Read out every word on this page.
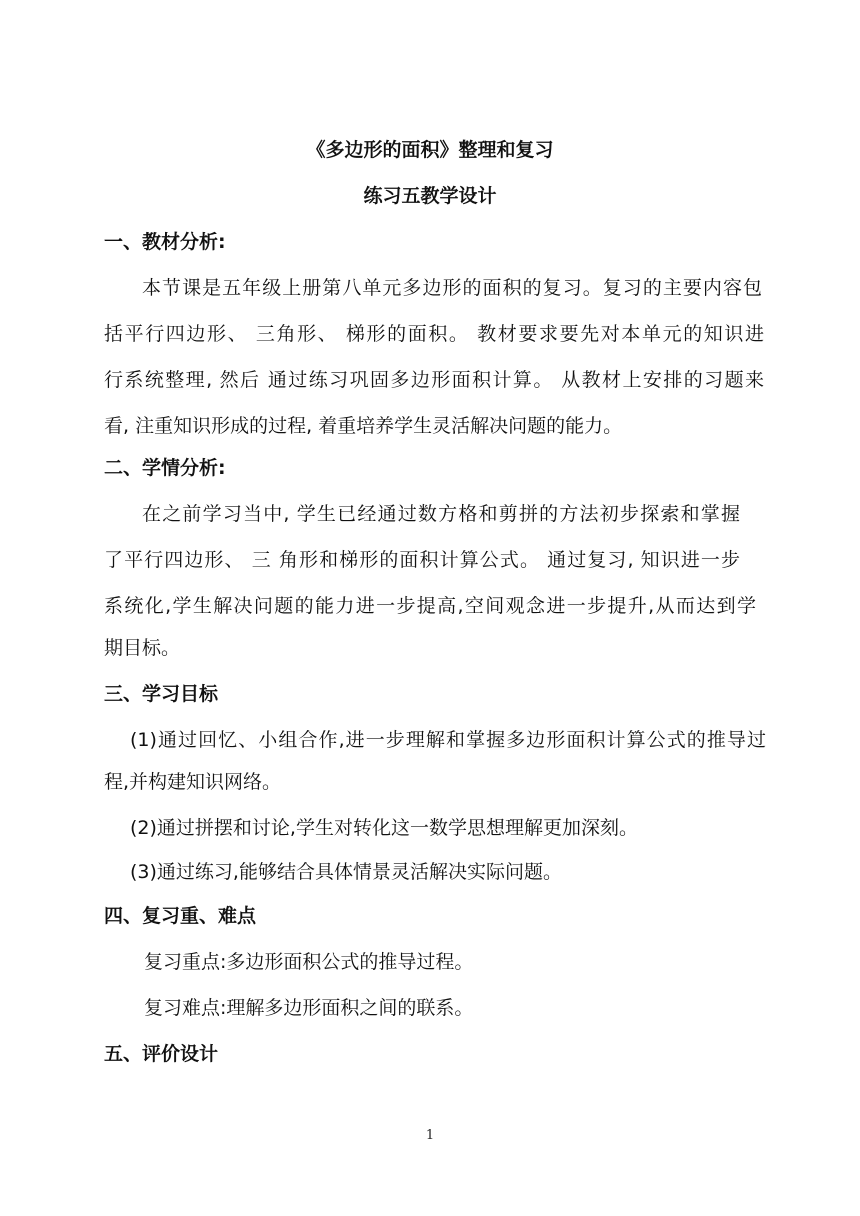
《多边形的面积》整理和复习
练习五教学设计
一、教材分析:
本节课是五年级上册第八单元多边形的面积的复习。复习的主要内容包
括平行四边形、 三角形、 梯形的面积。 教材要求要先对本单元的知识进
行系统整理, 然后 通过练习巩固多边形面积计算。 从教材上安排的习题来
看, 注重知识形成的过程, 着重培养学生灵活解决问题的能力。
二、学情分析:
在之前学习当中, 学生已经通过数方格和剪拼的方法初步探索和掌握
了平行四边形、 三 角形和梯形的面积计算公式。 通过复习, 知识进一步
系统化,学生解决问题的能力进一步提高,空间观念进一步提升,从而达到学
期目标。
三、学习目标
(1)通过回忆、小组合作,进一步理解和掌握多边形面积计算公式的推导过
程,并构建知识网络。
(2)通过拼摆和讨论,学生对转化这一数学思想理解更加深刻。
(3)通过练习,能够结合具体情景灵活解决实际问题。
四、复习重、难点
复习重点:多边形面积公式的推导过程。
复习难点:理解多边形面积之间的联系。
五、评价设计
1
